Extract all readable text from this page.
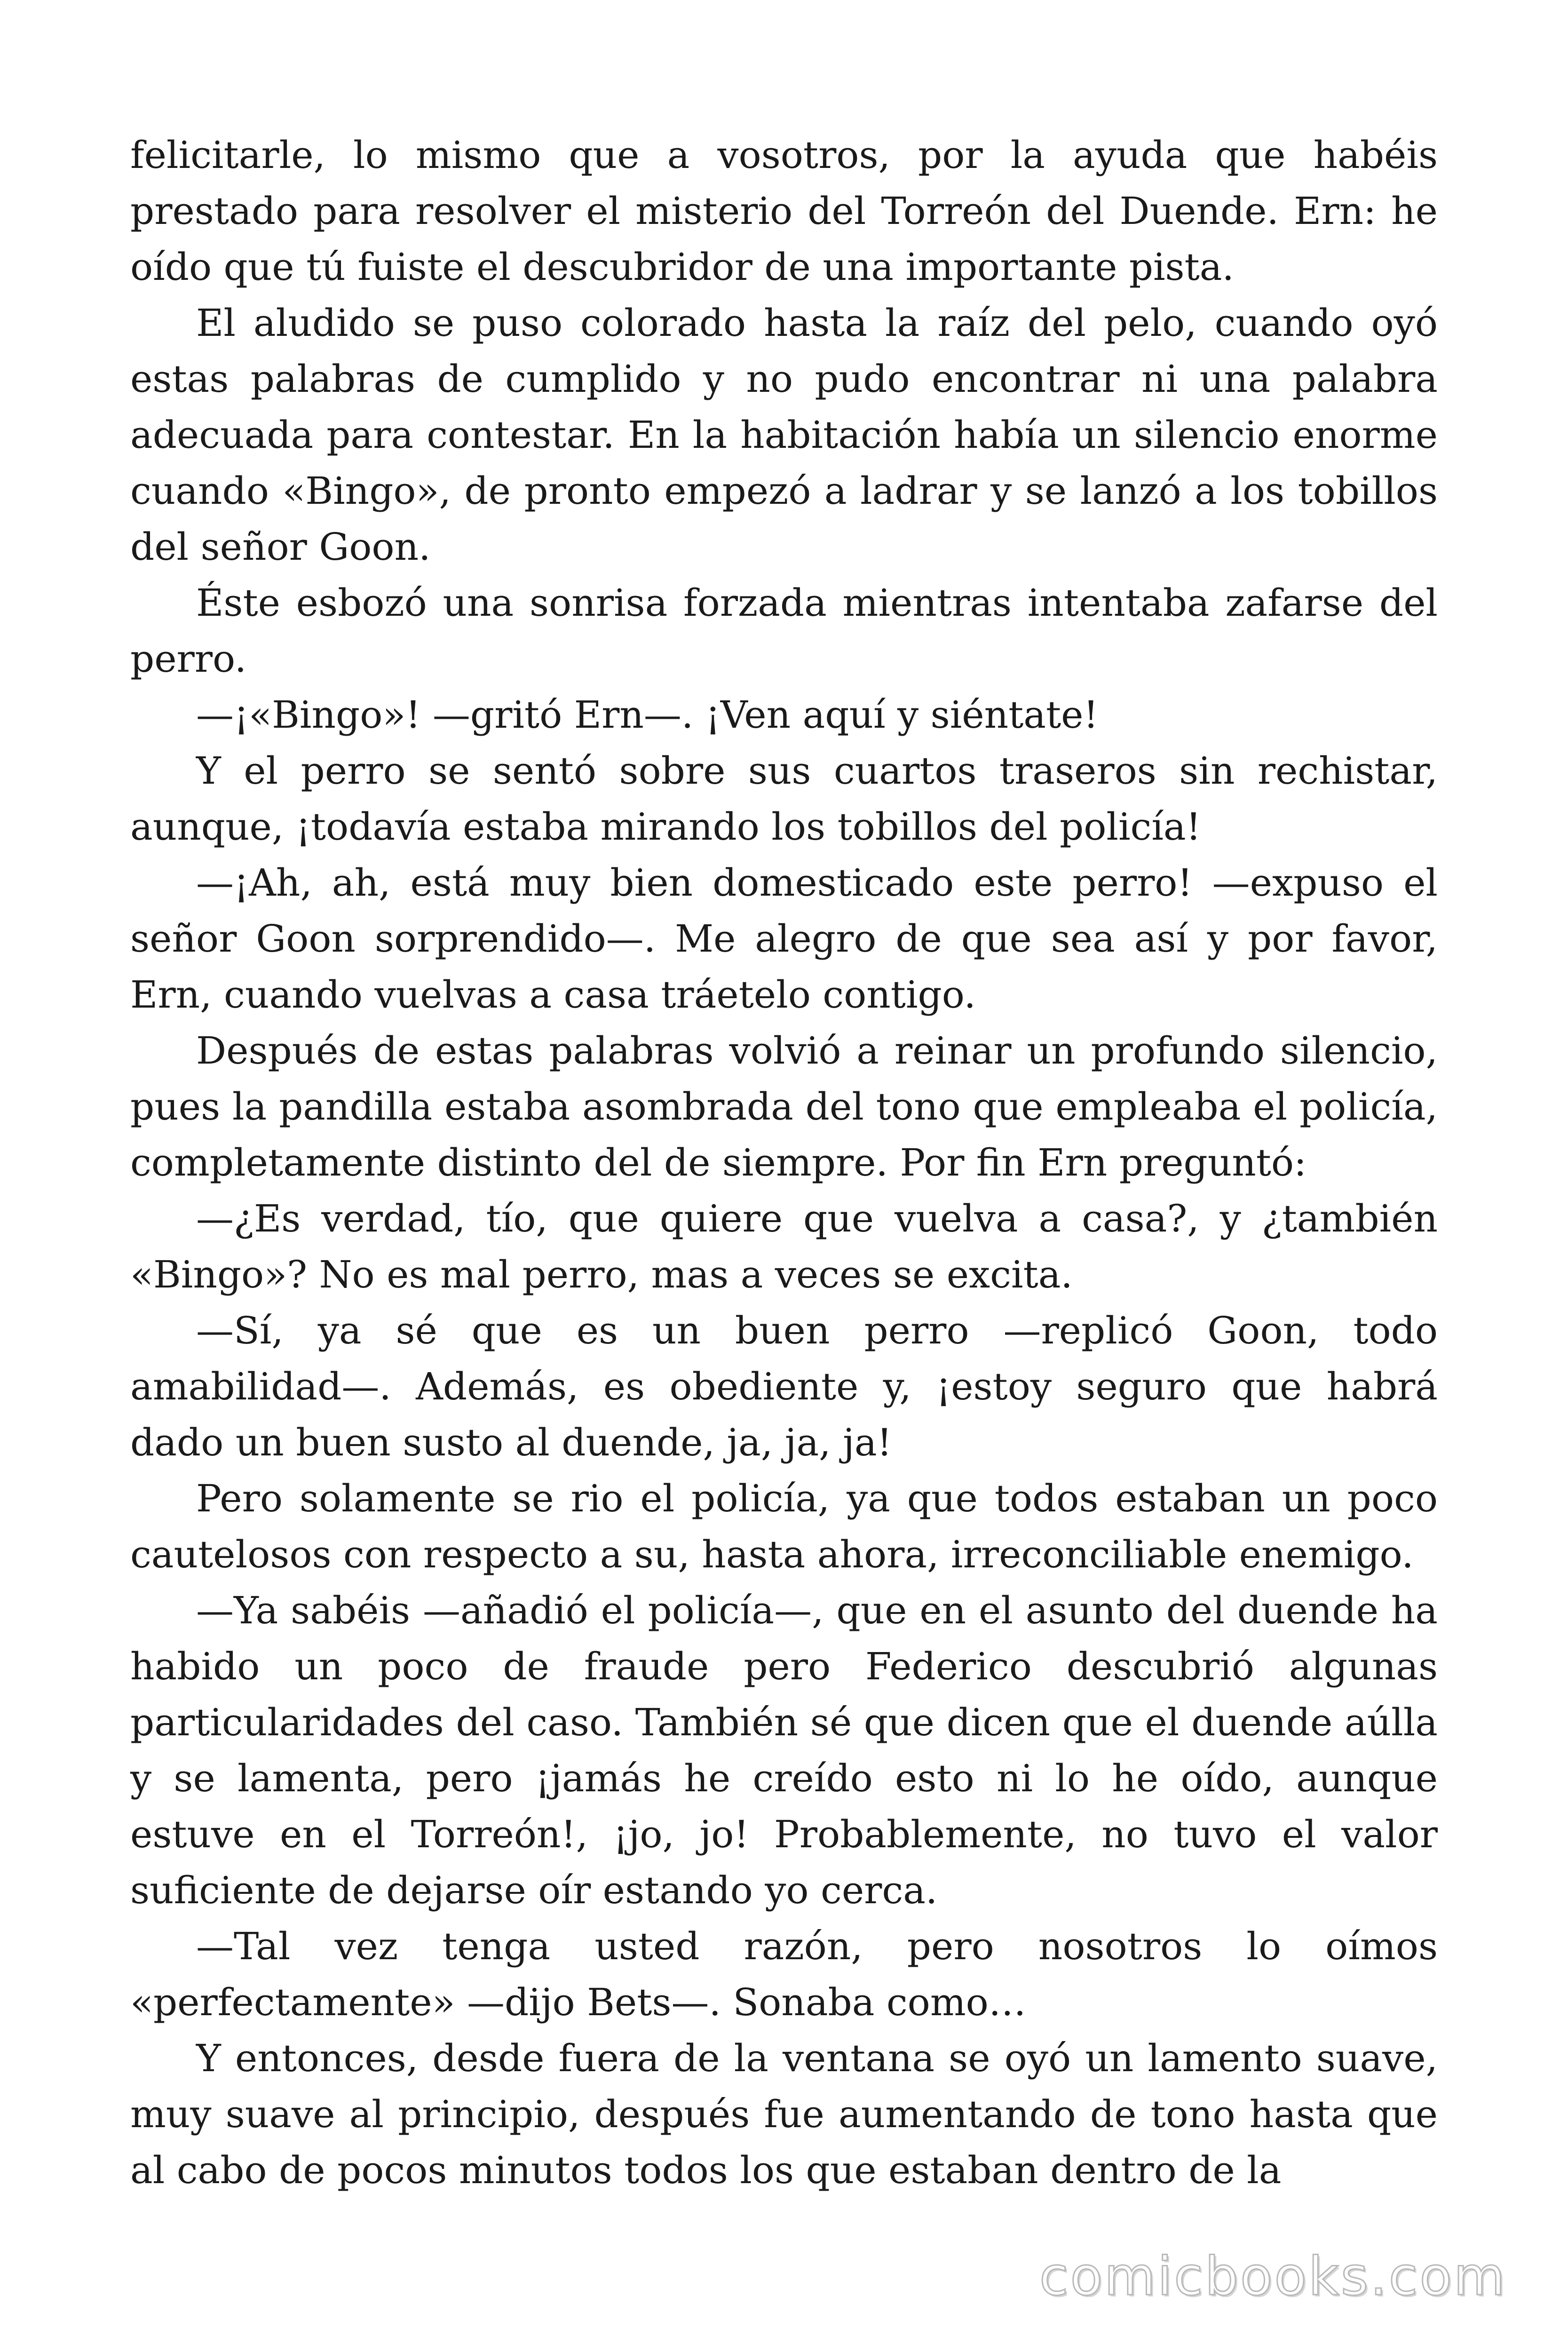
felicitarle, lo mismo que a vosotros, por la ayuda que habéis prestado para resolver el misterio del Torreón del Duende. Ern: he oído que tú fuiste el descubridor de una importante pista.

El aludido se puso colorado hasta la raíz del pelo, cuando oyó estas palabras de cumplido y no pudo encontrar ni una palabra adecuada para contestar. En la habitación había un silencio enorme cuando «Bingo», de pronto empezó a ladrar y se lanzó a los tobillos del señor Goon.

Éste esbozó una sonrisa forzada mientras intentaba zafarse del perro.

—¡«Bingo»! —gritó Ern—. ¡Ven aquí y siéntate!

Y el perro se sentó sobre sus cuartos traseros sin rechistar, aunque, ¡todavía estaba mirando los tobillos del policía!

—¡Ah, ah, está muy bien domesticado este perro! —expuso el señor Goon sorprendido—. Me alegro de que sea así y por favor, Ern, cuando vuelvas a casa tráetelo contigo.

Después de estas palabras volvió a reinar un profundo silencio, pues la pandilla estaba asombrada del tono que empleaba el policía, completamente distinto del de siempre. Por fin Ern preguntó:

—¿Es verdad, tío, que quiere que vuelva a casa?, y ¿también «Bingo»? No es mal perro, mas a veces se excita.

—Sí, ya sé que es un buen perro —replicó Goon, todo amabilidad—. Además, es obediente y, ¡estoy seguro que habrá dado un buen susto al duende, ja, ja, ja!

Pero solamente se rio el policía, ya que todos estaban un poco cautelosos con respecto a su, hasta ahora, irreconciliable enemigo.

—Ya sabéis —añadió el policía—, que en el asunto del duende ha habido un poco de fraude pero Federico descubrió algunas particularidades del caso. También sé que dicen que el duende aúlla y se lamenta, pero ¡jamás he creído esto ni lo he oído, aunque estuve en el Torreón!, ¡jo, jo! Probablemente, no tuvo el valor suficiente de dejarse oír estando yo cerca.

—Tal vez tenga usted razón, pero nosotros lo oímos «perfectamente» —dijo Bets—. Sonaba como…

Y entonces, desde fuera de la ventana se oyó un lamento suave, muy suave al principio, después fue aumentando de tono hasta que al cabo de pocos minutos todos los que estaban dentro de la

comicbooks.com
